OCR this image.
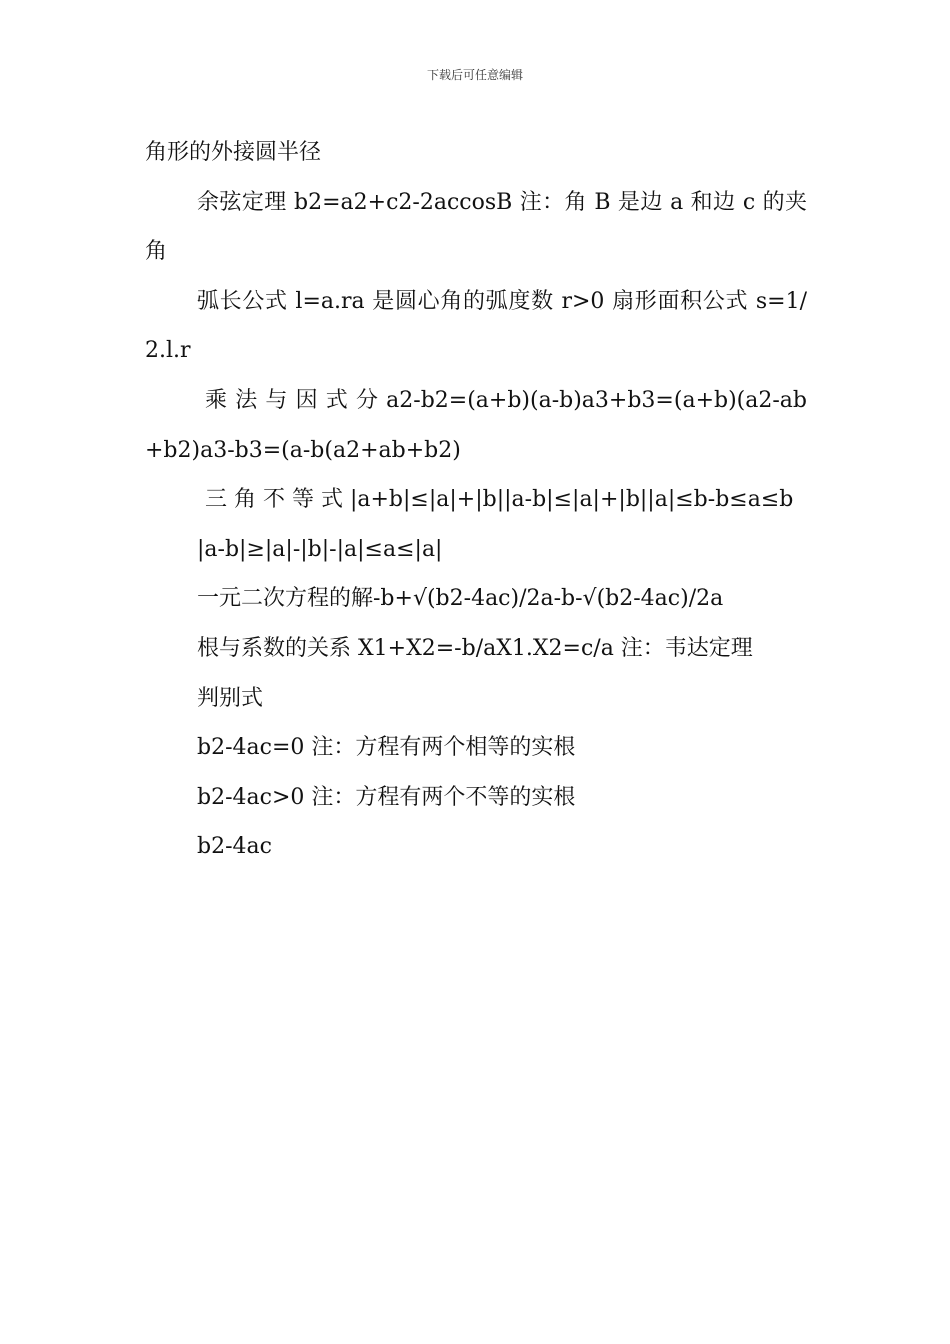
下载后可任意编辑

角形的外接圆半径

余弦定理 b2=a2+c2-2accosB 注：角 B 是边 a 和边 c 的夹角

弧长公式 l=a.ra 是圆心角的弧度数 r>0 扇形面积公式 s=1/2.l.r

乘 法 与 因 式 分 a2-b2=(a+b)(a-b)a3+b3=(a+b)(a2-ab+b2)a3-b3=(a-b(a2+ab+b2)

三 角 不 等 式 |a+b|≤|a|+|b||a-b|≤|a|+|b||a|≤b-b≤a≤b

|a-b|≥|a|-|b|-|a|≤a≤|a|

一元二次方程的解-b+√(b2-4ac)/2a-b-√(b2-4ac)/2a

根与系数的关系 X1+X2=-b/aX1.X2=c/a 注：韦达定理

判别式

b2-4ac=0 注：方程有两个相等的实根

b2-4ac>0 注：方程有两个不等的实根

b2-4ac
